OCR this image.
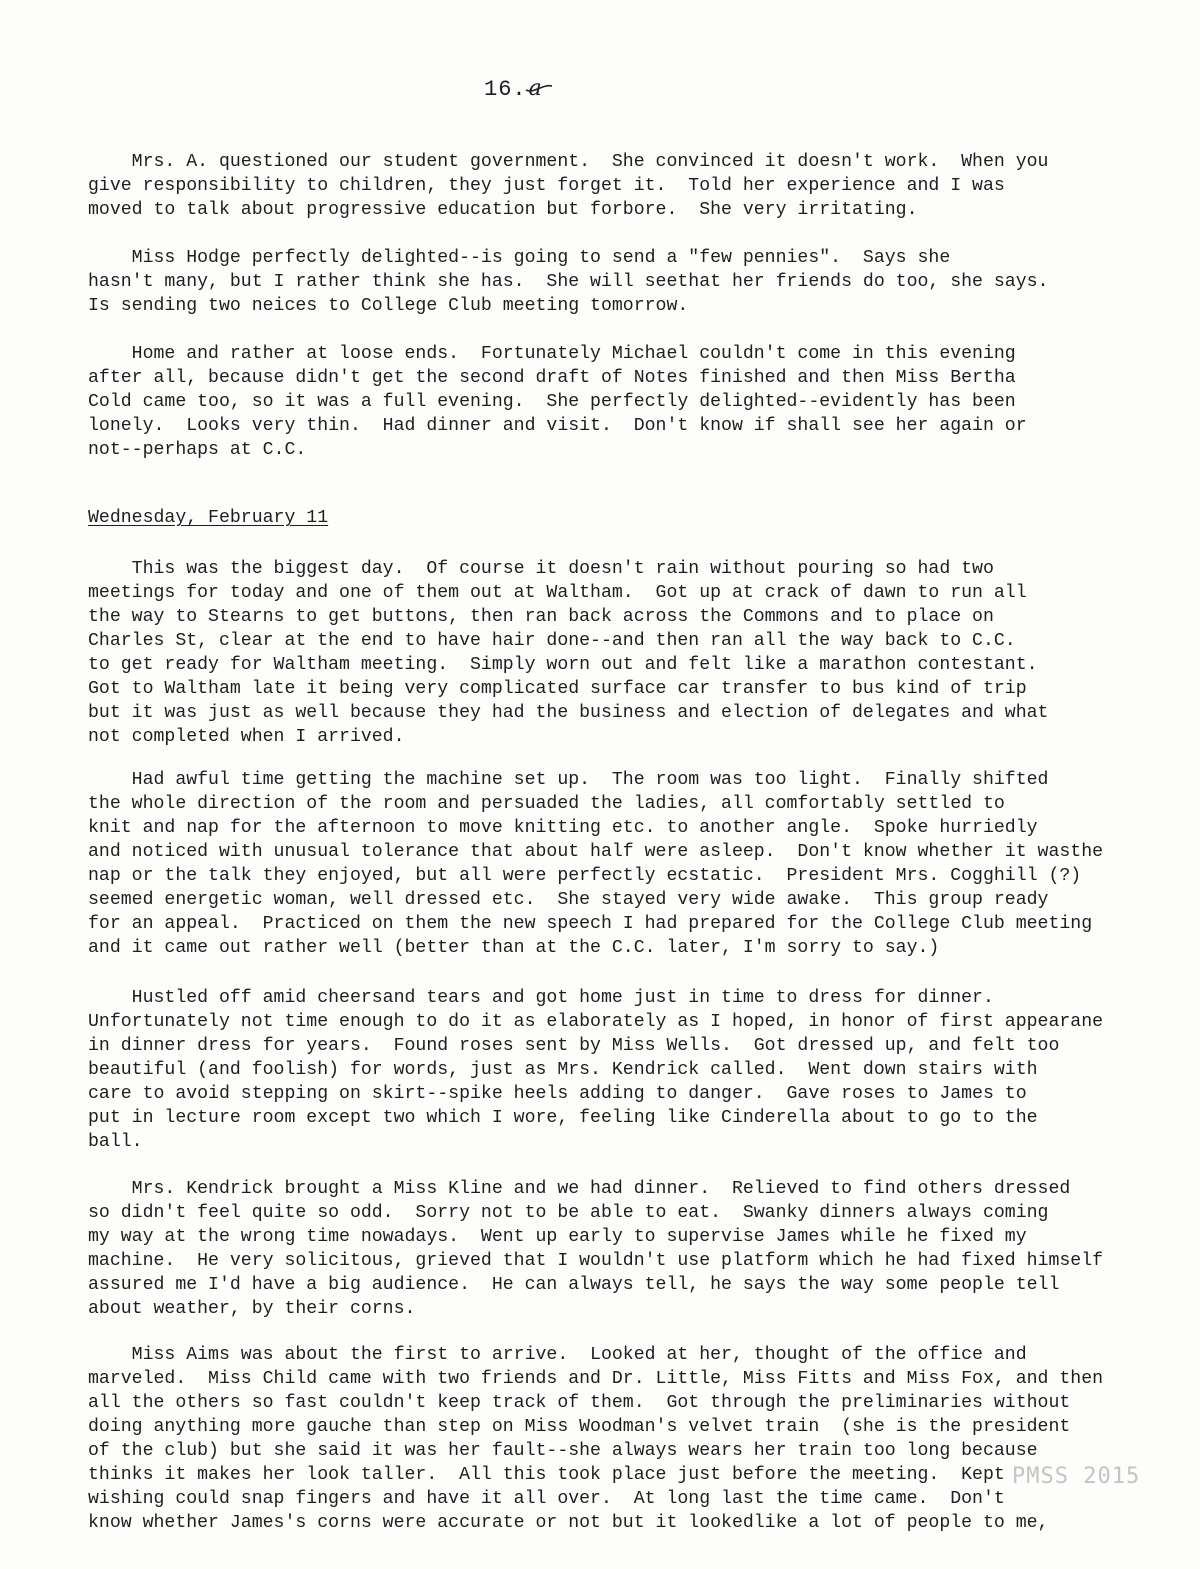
16.a
Mrs. A. questioned our student government.  She convinced it doesn't work.  When you
give responsibility to children, they just forget it.  Told her experience and I was
moved to talk about progressive education but forbore.  She very irritating.
Miss Hodge perfectly delighted--is going to send a "few pennies".  Says she
hasn't many, but I rather think she has.  She will seethat her friends do too, she says.
Is sending two neices to College Club meeting tomorrow.
Home and rather at loose ends.  Fortunately Michael couldn't come in this evening
after all, because didn't get the second draft of Notes finished and then Miss Bertha
Cold came too, so it was a full evening.  She perfectly delighted--evidently has been
lonely.  Looks very thin.  Had dinner and visit.  Don't know if shall see her again or
not--perhaps at C.C.
Wednesday, February 11
This was the biggest day.  Of course it doesn't rain without pouring so had two
meetings for today and one of them out at Waltham.  Got up at crack of dawn to run all
the way to Stearns to get buttons, then ran back across the Commons and to place on
Charles St, clear at the end to have hair done--and then ran all the way back to C.C.
to get ready for Waltham meeting.  Simply worn out and felt like a marathon contestant.
Got to Waltham late it being very complicated surface car transfer to bus kind of trip
but it was just as well because they had the business and election of delegates and what
not completed when I arrived.
Had awful time getting the machine set up.  The room was too light.  Finally shifted
the whole direction of the room and persuaded the ladies, all comfortably settled to
knit and nap for the afternoon to move knitting etc. to another angle.  Spoke hurriedly
and noticed with unusual tolerance that about half were asleep.  Don't know whether it wasthe
nap or the talk they enjoyed, but all were perfectly ecstatic.  President Mrs. Cogghill (?)
seemed energetic woman, well dressed etc.  She stayed very wide awake.  This group ready
for an appeal.  Practiced on them the new speech I had prepared for the College Club meeting
and it came out rather well (better than at the C.C. later, I'm sorry to say.)
Hustled off amid cheersand tears and got home just in time to dress for dinner.
Unfortunately not time enough to do it as elaborately as I hoped, in honor of first appearane
in dinner dress for years.  Found roses sent by Miss Wells.  Got dressed up, and felt too
beautiful (and foolish) for words, just as Mrs. Kendrick called.  Went down stairs with
care to avoid stepping on skirt--spike heels adding to danger.  Gave roses to James to
put in lecture room except two which I wore, feeling like Cinderella about to go to the
ball.
Mrs. Kendrick brought a Miss Kline and we had dinner.  Relieved to find others dressed
so didn't feel quite so odd.  Sorry not to be able to eat.  Swanky dinners always coming
my way at the wrong time nowadays.  Went up early to supervise James while he fixed my
machine.  He very solicitous, grieved that I wouldn't use platform which he had fixed himself
assured me I'd have a big audience.  He can always tell, he says the way some people tell
about weather, by their corns.
Miss Aims was about the first to arrive.  Looked at her, thought of the office and
marveled.  Miss Child came with two friends and Dr. Little, Miss Fitts and Miss Fox, and then
all the others so fast couldn't keep track of them.  Got through the preliminaries without
doing anything more gauche than step on Miss Woodman's velvet train  (she is the president
of the club) but she said it was her fault--she always wears her train too long because
thinks it makes her look taller.  All this took place just before the meeting.  Kept
wishing could snap fingers and have it all over.  At long last the time came.  Don't
know whether James's corns were accurate or not but it lookedlike a lot of people to me,
PMSS 2015
